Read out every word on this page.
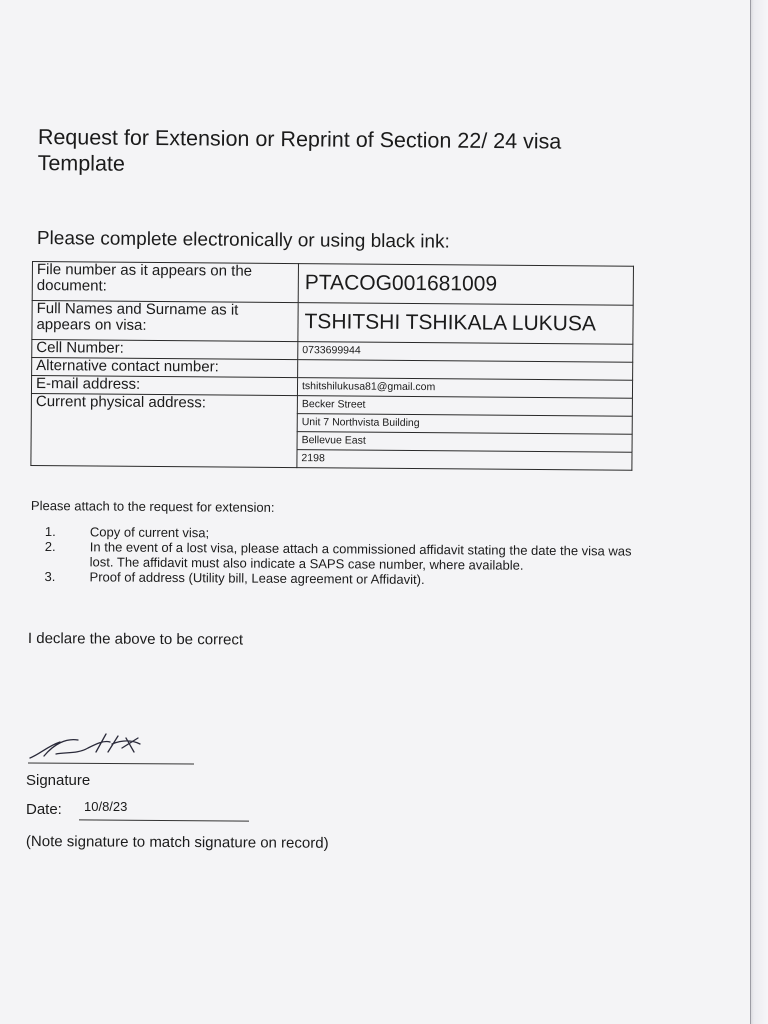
Request for Extension or Reprint of Section 22/ 24 visa
Template
Please complete electronically or using black ink:
File number as it appears on the document:	PTACOG001681009
Full Names and Surname as it appears on visa:	TSHITSHI TSHIKALA LUKUSA
Cell Number:	0733699944
Alternative contact number:	
E-mail address:	tshitshilukusa81@gmail.com
Current physical address:	Becker Street
	Unit 7 Northvista Building
	Bellevue East
	2198
Please attach to the request for extension:
1.	Copy of current visa;
2.	In the event of a lost visa, please attach a commissioned affidavit stating the date the visa was lost. The affidavit must also indicate a SAPS case number, where available.
3.	Proof of address (Utility bill, Lease agreement or Affidavit).
I declare the above to be correct
Signature
Date: 10/8/23
(Note signature to match signature on record)
